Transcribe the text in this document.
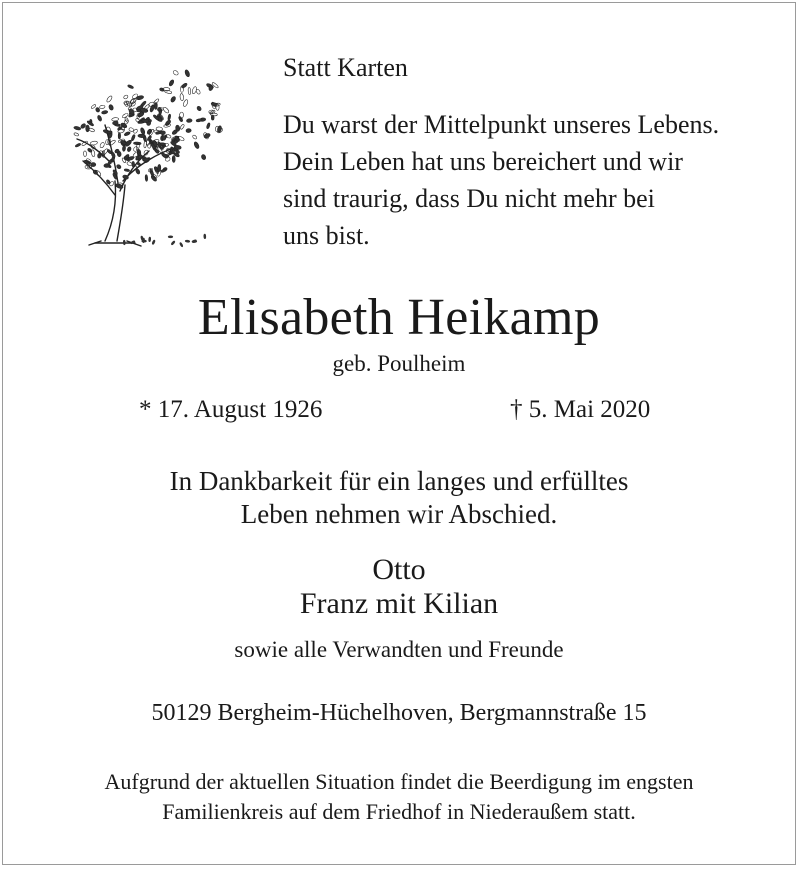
Statt Karten
Du warst der Mittelpunkt unseres Lebens.
Dein Leben hat uns bereichert und wir
sind traurig, dass Du nicht mehr bei
uns bist.
Elisabeth Heikamp
geb. Poulheim
* 17. August 1926	† 5. Mai 2020
In Dankbarkeit für ein langes und erfülltes
Leben nehmen wir Abschied.
Otto
Franz mit Kilian
sowie alle Verwandten und Freunde
50129 Bergheim-Hüchelhoven, Bergmannstraße 15
Aufgrund der aktuellen Situation findet die Beerdigung im engsten
Familienkreis auf dem Friedhof in Niederaußem statt.
